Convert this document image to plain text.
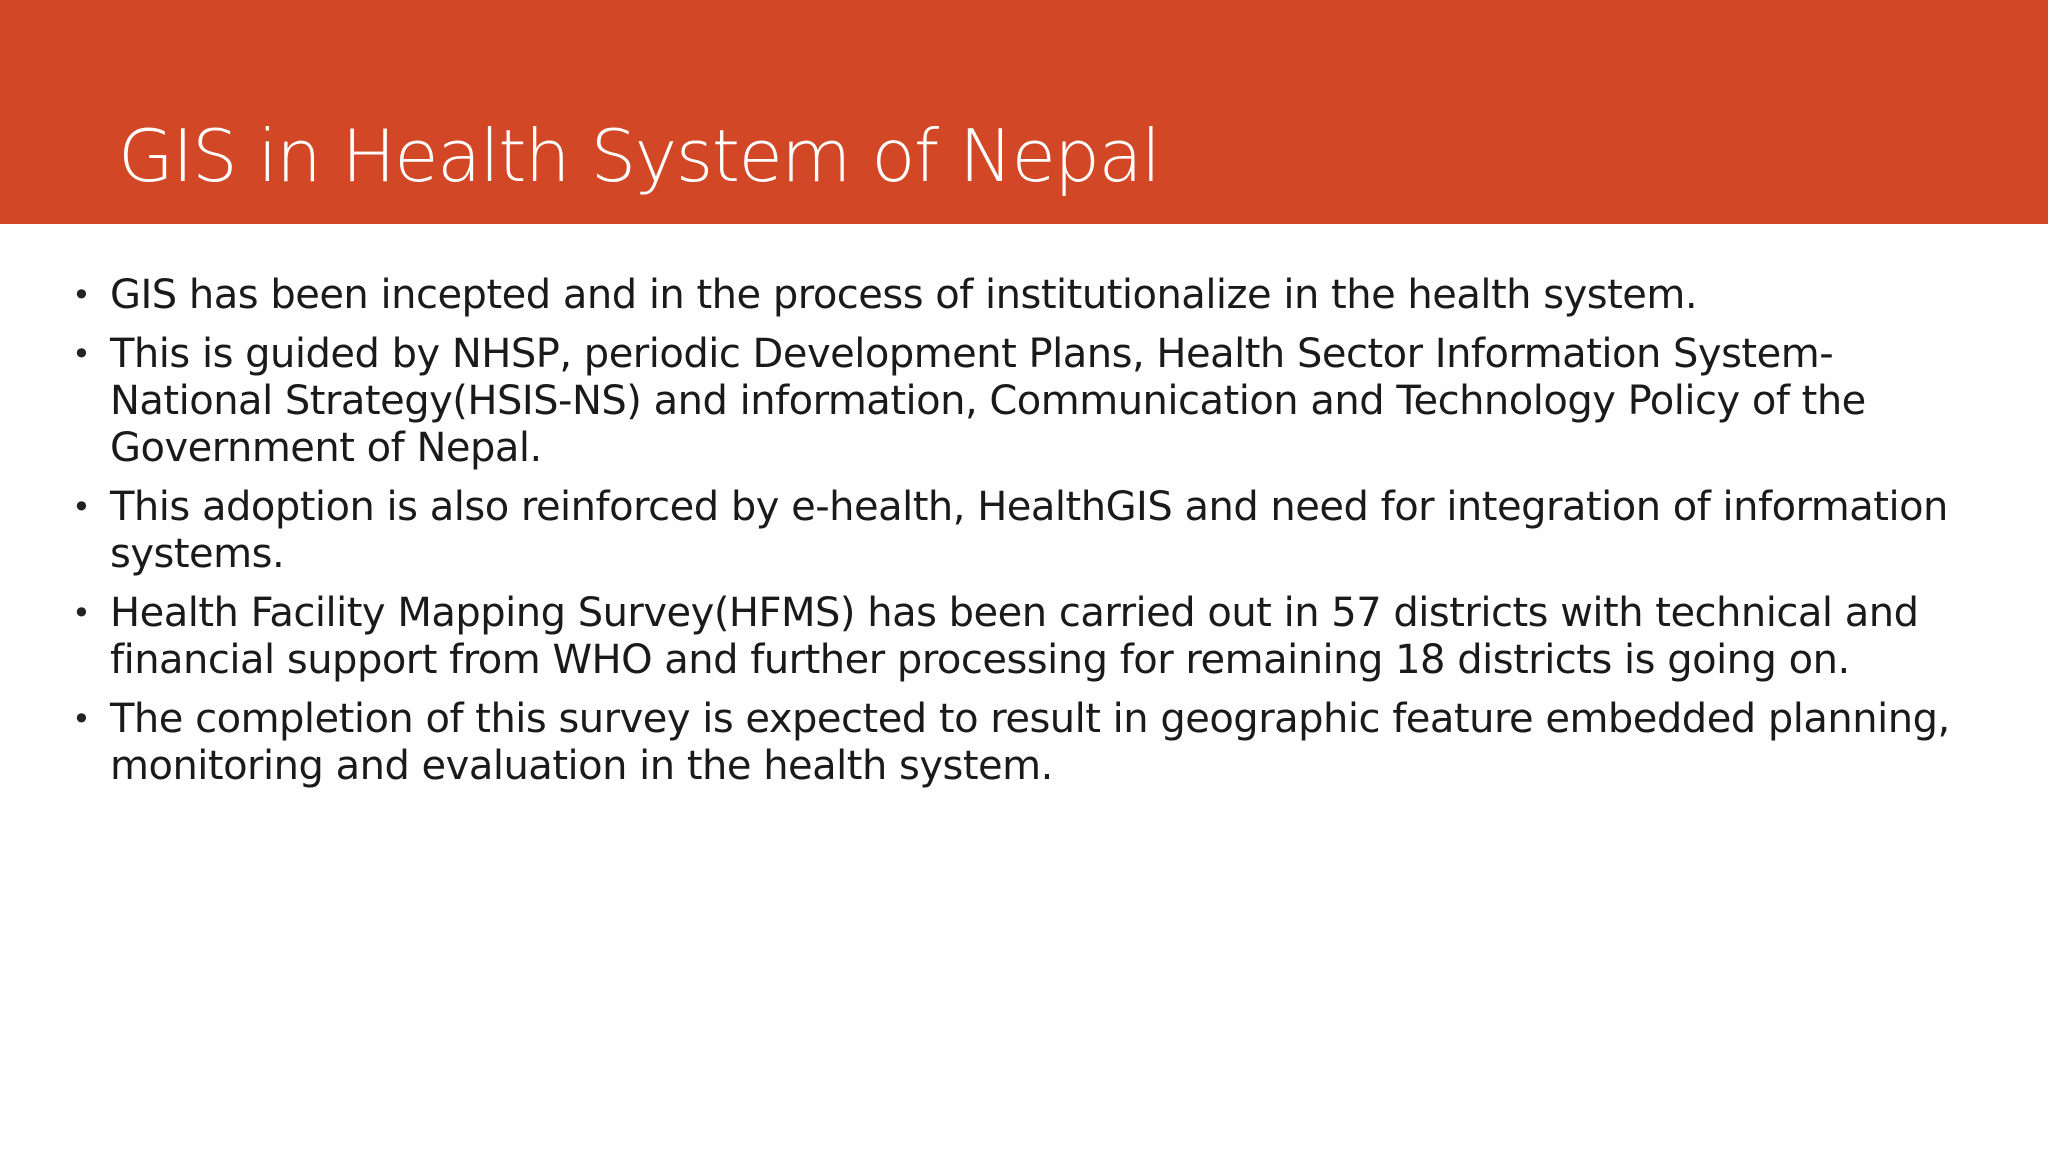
GIS in Health System of Nepal
• GIS has been incepted and in the process of institutionalize in the health system.
• This is guided by NHSP, periodic Development Plans, Health Sector Information System-National Strategy(HSIS-NS) and information, Communication and Technology Policy of the Government of Nepal.
• This adoption is also reinforced by e-health, HealthGIS and need for integration of information systems.
• Health Facility Mapping Survey(HFMS) has been carried out in 57 districts with technical and financial support from WHO and further processing for remaining 18 districts is going on.
• The completion of this survey is expected to result in geographic feature embedded planning, monitoring and evaluation in the health system.
